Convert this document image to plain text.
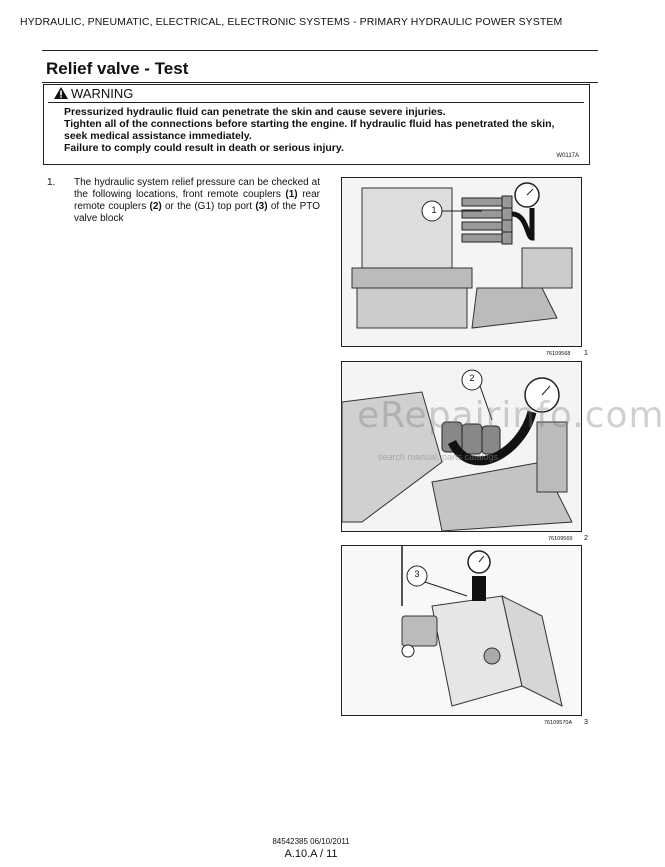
HYDRAULIC, PNEUMATIC, ELECTRICAL, ELECTRONIC SYSTEMS - PRIMARY HYDRAULIC POWER SYSTEM
Relief valve - Test
WARNING
Pressurized hydraulic fluid can penetrate the skin and cause severe injuries.
Tighten all of the connections before starting the engine. If hydraulic fluid has penetrated the skin,
seek medical assistance immediately.
Failure to comply could result in death or serious injury.
W0117A
1. The hydraulic system relief pressure can be checked at the following locations, front remote couplers (1) rear remote couplers (2) or the (G1) top port (3) of the PTO valve block
1
76109568 1
2
76109569 2
3
76109570A 3
eRepairinfo.com
search manual, parts catalogs
84542385 06/10/2011
A.10.A / 11
